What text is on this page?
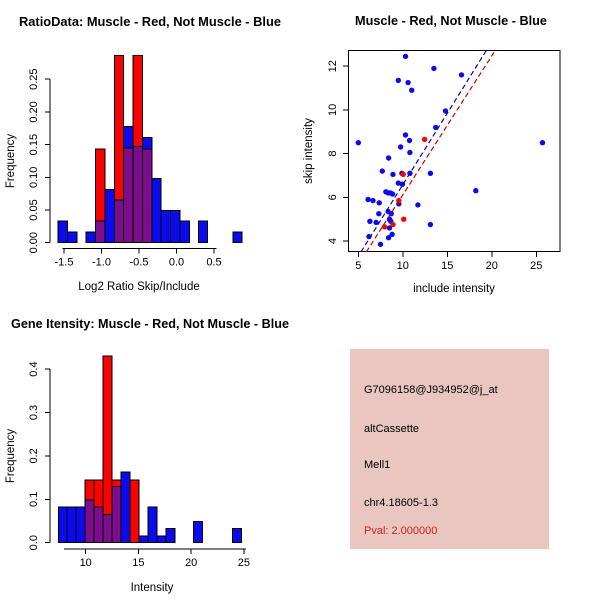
RatioData: Muscle - Red, Not Muscle - Blue
Log2 Ratio Skip/Include
Frequency
0.00
0.05
0.10
0.15
0.20
0.25
-1.5 -1.0 -0.5 0.0 0.5
Muscle - Red, Not Muscle - Blue
include intensity
skip intensity
5	10	15	20	25
4
6
8
10
12
Gene Itensity: Muscle - Red, Not Muscle - Blue
Intensity
Frequency
0.0
0.1
0.2
0.3
0.4
10	15	20	25
G7096158@J934952@j_at
altCassette
Mell1
chr4.18605-1.3
Pval: 2.000000
